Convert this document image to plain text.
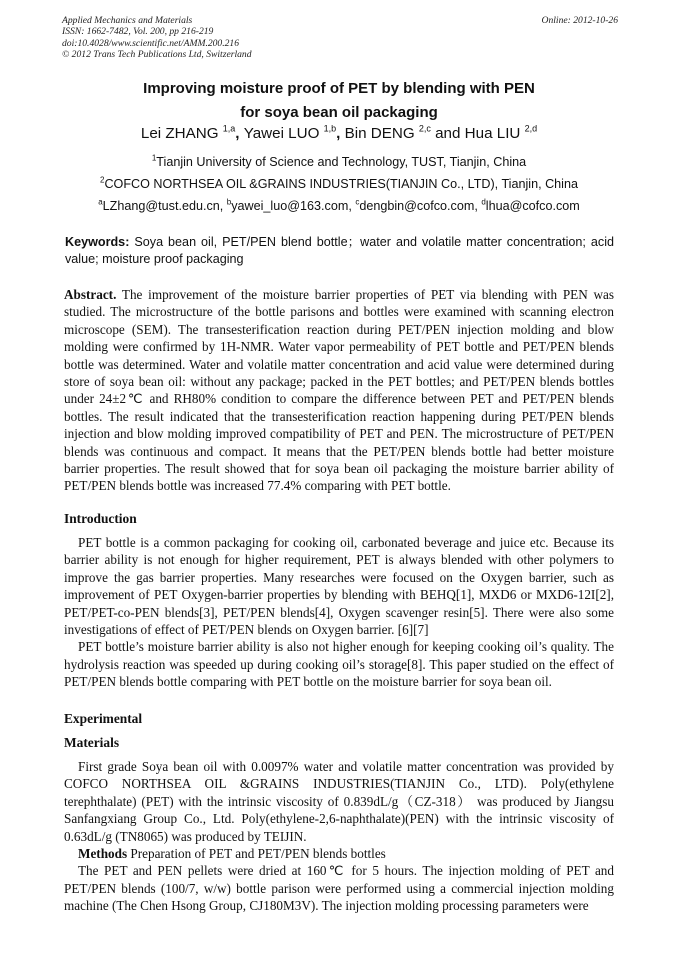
Applied Mechanics and Materials
ISSN: 1662-7482, Vol. 200, pp 216-219
doi:10.4028/www.scientific.net/AMM.200.216
© 2012 Trans Tech Publications Ltd, Switzerland
Online: 2012-10-26
Improving moisture proof of PET by blending with PEN
for soya bean oil packaging
Lei ZHANG $^{1,a}$, Yawei LUO $^{1,b}$, Bin DENG $^{2,c}$ and Hua LIU $^{2,d}$
$^1$Tianjin University of Science and Technology, TUST, Tianjin, China
$^2$COFCO NORTHSEA OIL &GRAINS INDUSTRIES(TIANJIN Co., LTD), Tianjin, China
$^a$LZhang@tust.edu.cn, $^b$yawei_luo@163.com, $^c$dengbin@cofco.com, $^d$lhua@cofco.com
Keywords: Soya bean oil, PET/PEN blend bottle；water and volatile matter concentration; acid value; moisture proof packaging

Abstract. The improvement of the moisture barrier properties of PET via blending with PEN was studied. The microstructure of the bottle parisons and bottles were examined with scanning electron microscope (SEM). The transesterification reaction during PET/PEN injection molding and blow molding were confirmed by 1H-NMR. Water vapor permeability of PET bottle and PET/PEN blends bottle was determined. Water and volatile matter concentration and acid value were determined during store of soya bean oil: without any package; packed in the PET bottles; and PET/PEN blends bottles under 24±2℃ and RH80% condition to compare the difference between PET and PET/PEN blends bottles. The result indicated that the transesterification reaction happening during PET/PEN blends injection and blow molding improved compatibility of PET and PEN. The microstructure of PET/PEN blends was continuous and compact. It means that the PET/PEN blends bottle had better moisture barrier properties. The result showed that for soya bean oil packaging the moisture barrier ability of PET/PEN blends bottle was increased 77.4% comparing with PET bottle.

Introduction

PET bottle is a common packaging for cooking oil, carbonated beverage and juice etc. Because its barrier ability is not enough for higher requirement, PET is always blended with other polymers to improve the gas barrier properties. Many researches were focused on the Oxygen barrier, such as improvement of PET Oxygen-barrier properties by blending with BEHQ[1], MXD6 or MXD6-12I[2], PET/PET-co-PEN blends[3], PET/PEN blends[4], Oxygen scavenger resin[5]. There were also some investigations of effect of PET/PEN blends on Oxygen barrier. [6][7]

PET bottle’s moisture barrier ability is also not higher enough for keeping cooking oil’s quality. The hydrolysis reaction was speeded up during cooking oil’s storage[8]. This paper studied on the effect of PET/PEN blends bottle comparing with PET bottle on the moisture barrier for soya bean oil.

Experimental
Materials

First grade Soya bean oil with 0.0097% water and volatile matter concentration was provided by COFCO NORTHSEA OIL &GRAINS INDUSTRIES(TIANJIN Co., LTD). Poly(ethylene terephthalate) (PET) with the intrinsic viscosity of 0.839dL/g（CZ-318） was produced by Jiangsu Sanfangxiang Group Co., Ltd. Poly(ethylene-2,6-naphthalate)(PEN) with the intrinsic viscosity of 0.63dL/g (TN8065) was produced by TEIJIN.

Methods Preparation of PET and PET/PEN blends bottles

The PET and PEN pellets were dried at 160℃ for 5 hours. The injection molding of PET and PET/PEN blends (100/7, w/w) bottle parison were performed using a commercial injection molding machine (The Chen Hsong Group, CJ180M3V). The injection molding processing parameters were
